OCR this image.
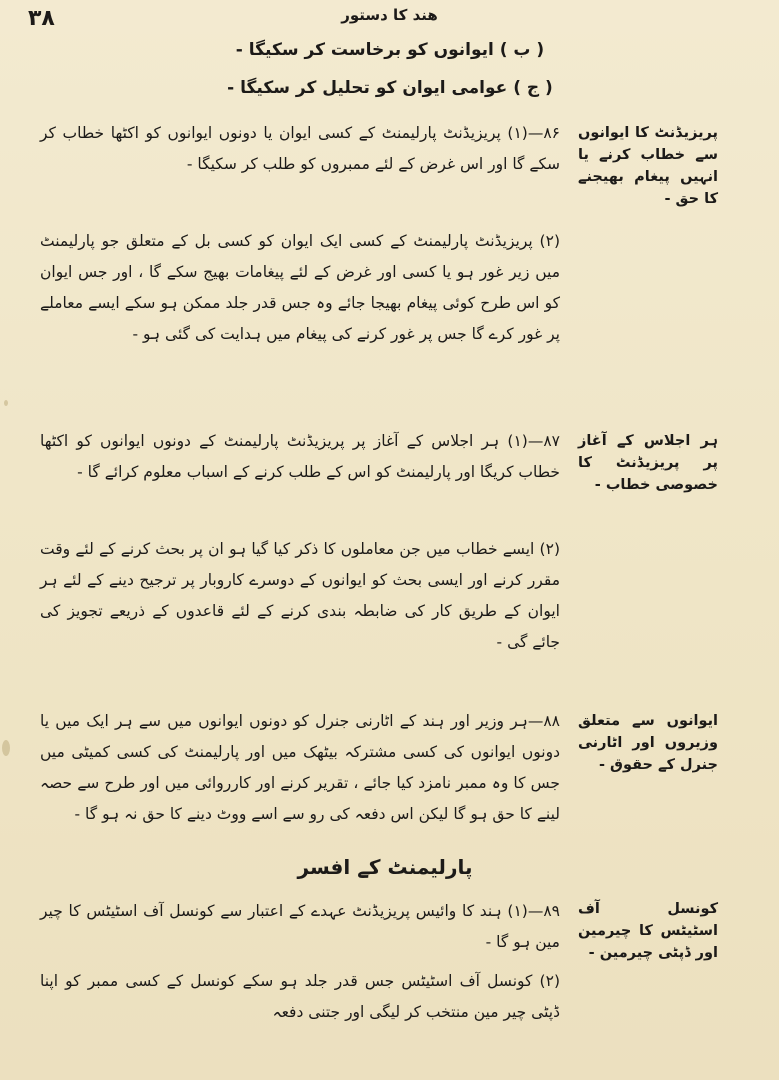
۳۸	هند کا دستور
( ب ) ایوانوں کو برخاست کر سکیگا -
( ج ) عوامی ایوان کو تحلیل کر سکیگا -
پریزیڈنٹ کا ایوانوں سے خطاب کرنے یا انہیں پیغام بھیجنے کا حق -
۸۶—(۱) پریزیڈنٹ پارلیمنٹ کے کسی ایوان یا دونوں ایوانوں کو اکٹھا خطاب کر سکے گا اور اس غرض کے لئے ممبروں کو طلب کر سکیگا -
(۲) پریزیڈنٹ پارلیمنٹ کے کسی ایک ایوان کو کسی بل کے متعلق جو پارلیمنٹ میں زیر غور ہو یا کسی اور غرض کے لئے پیغامات بھیج سکے گا ، اور جس ایوان کو اس طرح کوئی پیغام بھیجا جائے وہ جس قدر جلد ممکن ہو سکے ایسے معاملے پر غور کرے گا جس پر غور کرنے کی پیغام میں ہدایت کی گئی ہو -
ہر اجلاس کے آغاز پر پریزیڈنٹ کا خصوصی خطاب -
۸۷—(۱) ہر اجلاس کے آغاز پر پریزیڈنٹ پارلیمنٹ کے دونوں ایوانوں کو اکٹھا خطاب کریگا اور پارلیمنٹ کو اس کے طلب کرنے کے اسباب معلوم کرائے گا -
(۲) ایسے خطاب میں جن معاملوں کا ذکر کیا گیا ہو ان پر بحث کرنے کے لئے وقت مقرر کرنے اور ایسی بحث کو ایوانوں کے دوسرے کاروبار پر ترجیح دینے کے لئے ہر ایوان کے طریق کار کی ضابطہ بندی کرنے کے لئے قاعدوں کے ذریعے تجویز کی جائے گی -
ایوانوں سے متعلق وزیروں اور اٹارنی جنرل کے حقوق -
۸۸—ہر وزیر اور ہند کے اٹارنی جنرل کو دونوں ایوانوں میں سے ہر ایک میں یا دونوں ایوانوں کی کسی مشترکہ بیٹھک میں اور پارلیمنٹ کی کسی کمیٹی میں جس کا وہ ممبر نامزد کیا جائے ، تقریر کرنے اور کارروائی میں اور طرح سے حصہ لینے کا حق ہو گا لیکن اس دفعہ کی رو سے اسے ووٹ دینے کا حق نہ ہو گا -
پارلیمنٹ کے افسر
کونسل آف اسٹیٹس کا چیرمین اور ڈپٹی چیرمین -
۸۹—(۱) ہند کا وائیس پریزیڈنٹ عہدے کے اعتبار سے کونسل آف اسٹیٹس کا چیر مین ہو گا -
(۲) کونسل آف اسٹیٹس جس قدر جلد ہو سکے کونسل کے کسی ممبر کو اپنا ڈپٹی چیر مین منتخب کر لیگی اور جتنی دفعہ
